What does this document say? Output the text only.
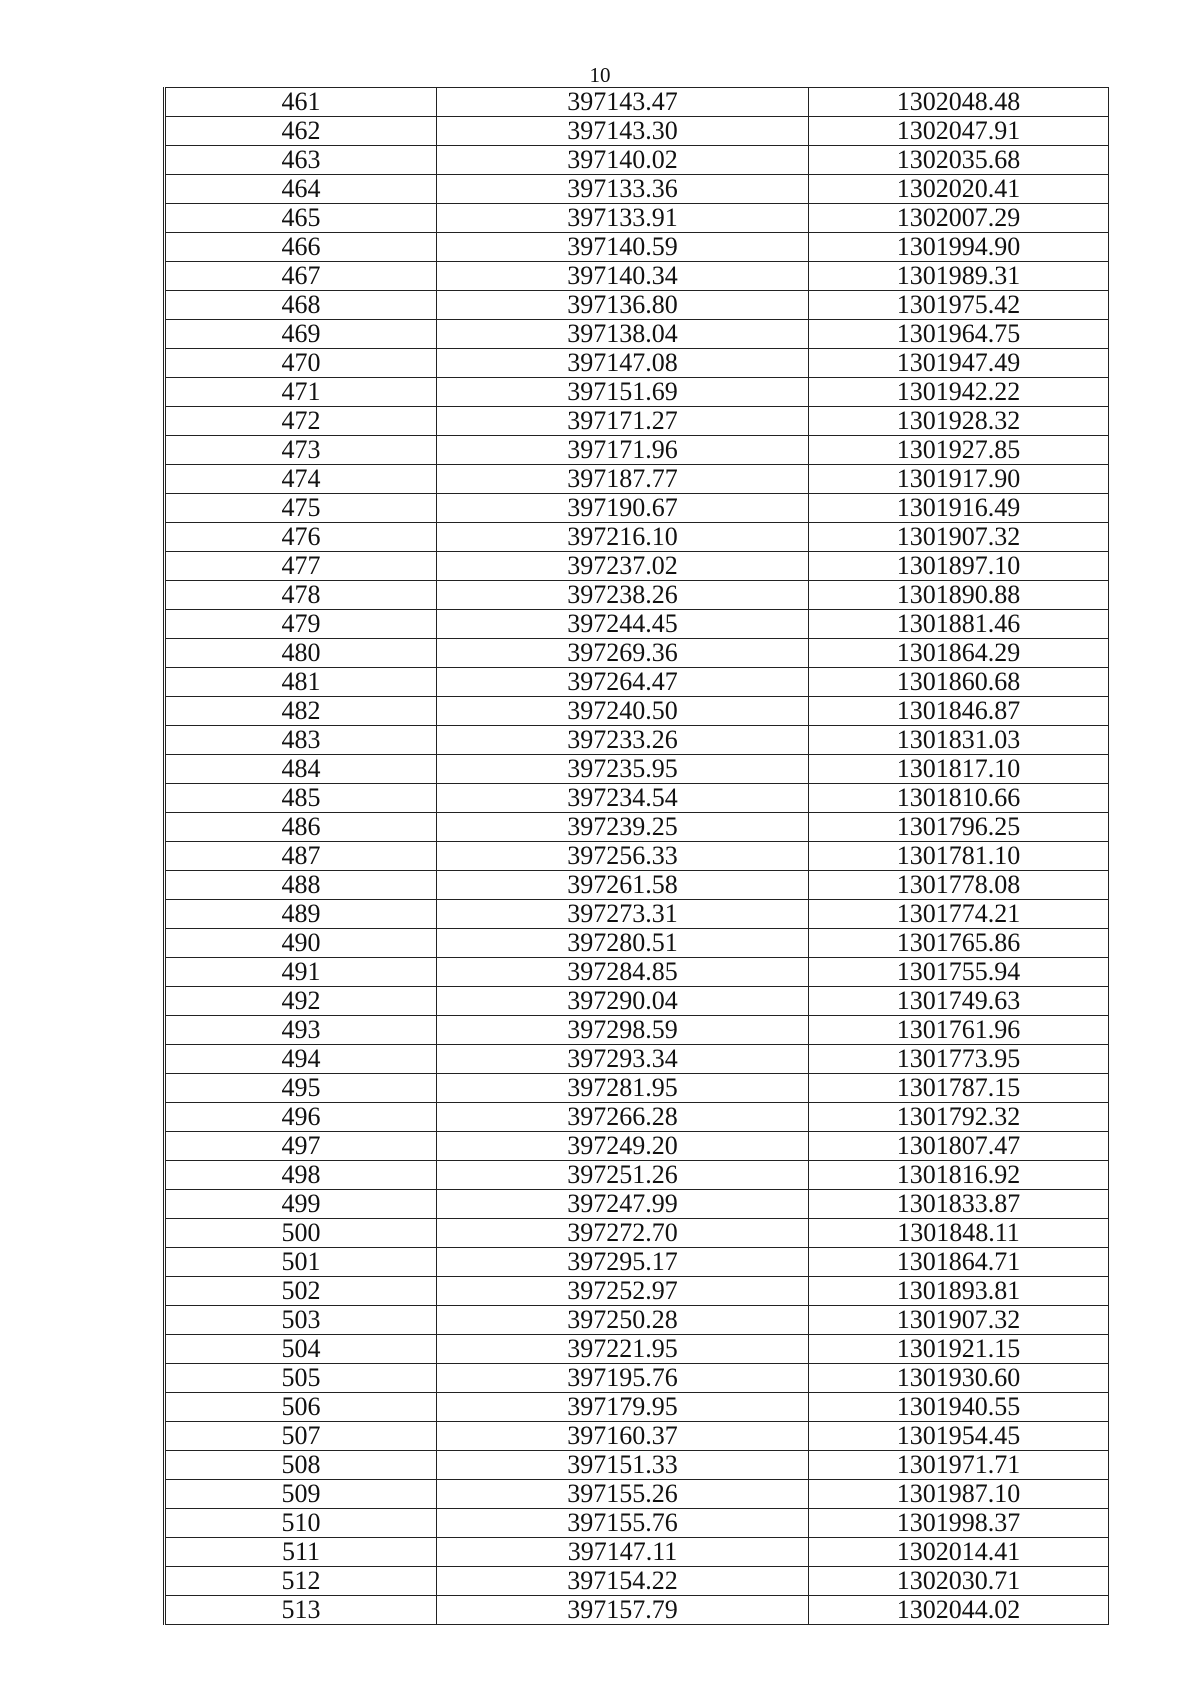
10
461	397143.47	1302048.48
462	397143.30	1302047.91
463	397140.02	1302035.68
464	397133.36	1302020.41
465	397133.91	1302007.29
466	397140.59	1301994.90
467	397140.34	1301989.31
468	397136.80	1301975.42
469	397138.04	1301964.75
470	397147.08	1301947.49
471	397151.69	1301942.22
472	397171.27	1301928.32
473	397171.96	1301927.85
474	397187.77	1301917.90
475	397190.67	1301916.49
476	397216.10	1301907.32
477	397237.02	1301897.10
478	397238.26	1301890.88
479	397244.45	1301881.46
480	397269.36	1301864.29
481	397264.47	1301860.68
482	397240.50	1301846.87
483	397233.26	1301831.03
484	397235.95	1301817.10
485	397234.54	1301810.66
486	397239.25	1301796.25
487	397256.33	1301781.10
488	397261.58	1301778.08
489	397273.31	1301774.21
490	397280.51	1301765.86
491	397284.85	1301755.94
492	397290.04	1301749.63
493	397298.59	1301761.96
494	397293.34	1301773.95
495	397281.95	1301787.15
496	397266.28	1301792.32
497	397249.20	1301807.47
498	397251.26	1301816.92
499	397247.99	1301833.87
500	397272.70	1301848.11
501	397295.17	1301864.71
502	397252.97	1301893.81
503	397250.28	1301907.32
504	397221.95	1301921.15
505	397195.76	1301930.60
506	397179.95	1301940.55
507	397160.37	1301954.45
508	397151.33	1301971.71
509	397155.26	1301987.10
510	397155.76	1301998.37
511	397147.11	1302014.41
512	397154.22	1302030.71
513	397157.79	1302044.02
